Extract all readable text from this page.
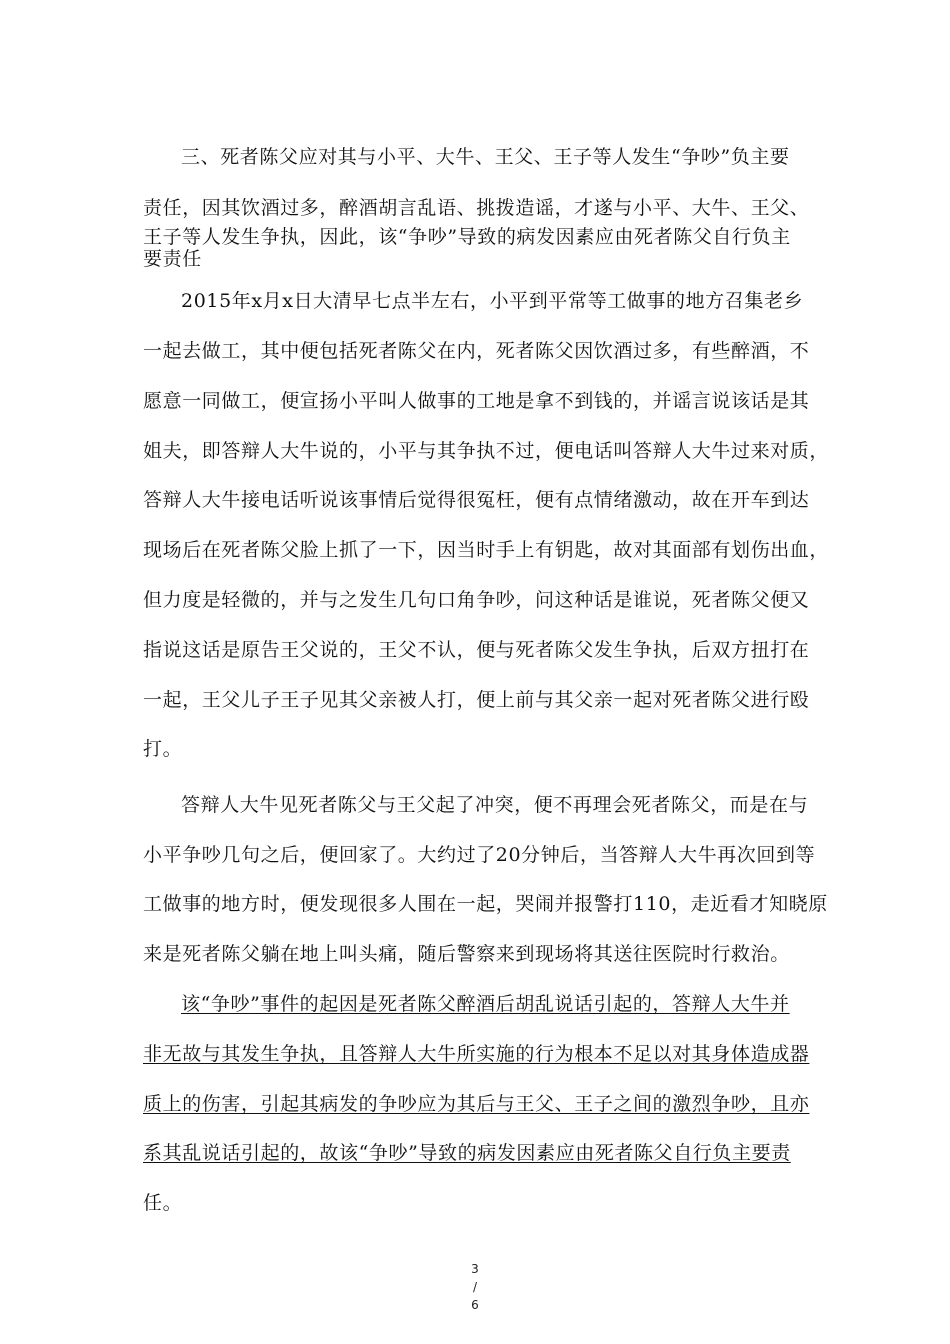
三、死者陈父应对其与小平、大牛、王父、王子等人发生“争吵”负主要
责任，因其饮酒过多，醉酒胡言乱语、挑拨造谣，才遂与小平、大牛、王父、
王子等人发生争执，因此，该“争吵”导致的病发因素应由死者陈父自行负主
要责任
2015年x月x日大清早七点半左右，小平到平常等工做事的地方召集老乡
一起去做工，其中便包括死者陈父在内，死者陈父因饮酒过多，有些醉酒，不
愿意一同做工，便宣扬小平叫人做事的工地是拿不到钱的，并谣言说该话是其
姐夫，即答辩人大牛说的，小平与其争执不过，便电话叫答辩人大牛过来对质，
答辩人大牛接电话听说该事情后觉得很冤枉，便有点情绪激动，故在开车到达
现场后在死者陈父脸上抓了一下，因当时手上有钥匙，故对其面部有划伤出血，
但力度是轻微的，并与之发生几句口角争吵，问这种话是谁说，死者陈父便又
指说这话是原告王父说的，王父不认，便与死者陈父发生争执，后双方扭打在
一起，王父儿子王子见其父亲被人打，便上前与其父亲一起对死者陈父进行殴
打。
答辩人大牛见死者陈父与王父起了冲突，便不再理会死者陈父，而是在与
小平争吵几句之后，便回家了。大约过了20分钟后，当答辩人大牛再次回到等
工做事的地方时，便发现很多人围在一起，哭闹并报警打110，走近看才知晓原
来是死者陈父躺在地上叫头痛，随后警察来到现场将其送往医院时行救治。
该“争吵”事件的起因是死者陈父醉酒后胡乱说话引起的，答辩人大牛并
非无故与其发生争执，且答辩人大牛所实施的行为根本不足以对其身体造成器
质上的伤害，引起其病发的争吵应为其后与王父、王子之间的激烈争吵，且亦
系其乱说话引起的，故该“争吵”导致的病发因素应由死者陈父自行负主要责
任。
3
/
6
